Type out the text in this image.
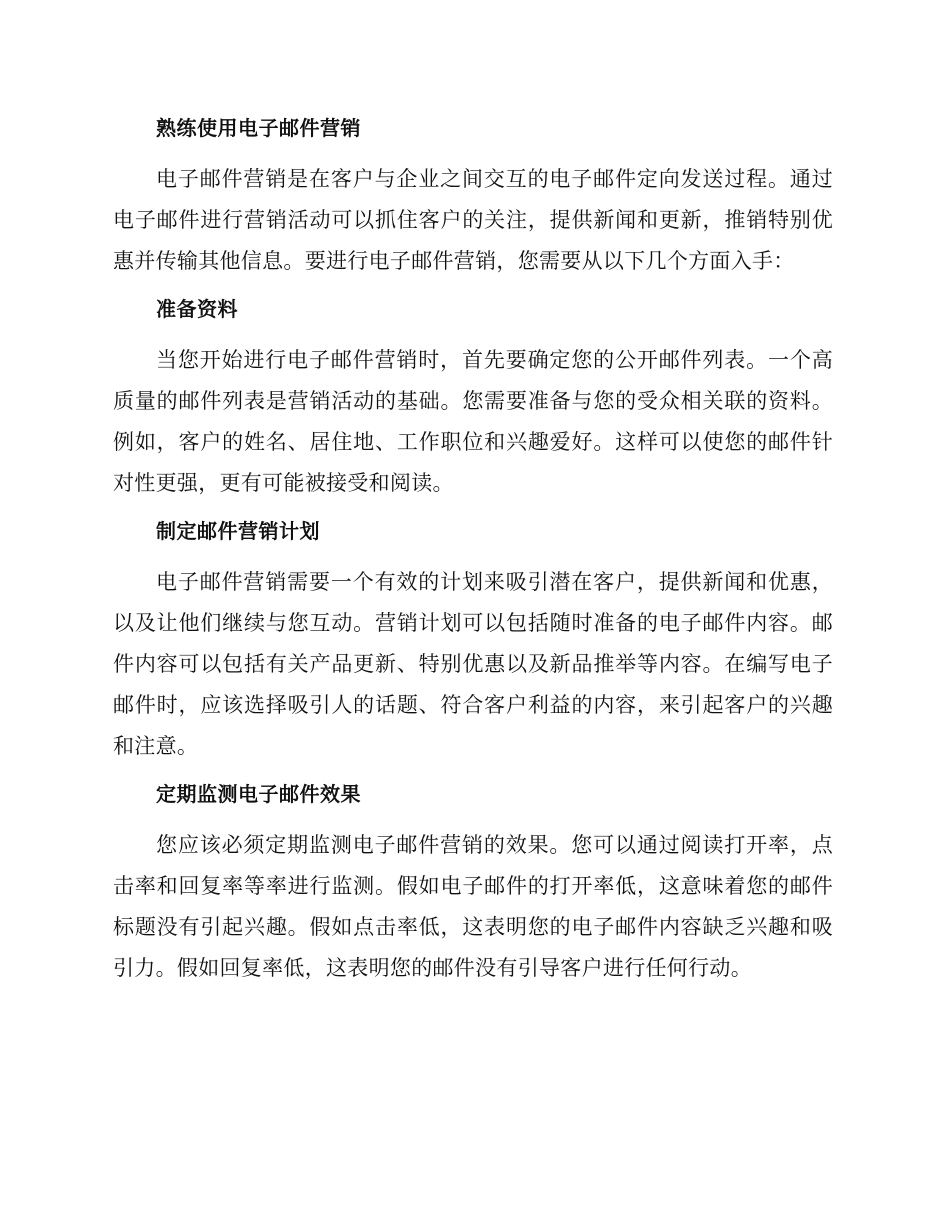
熟练使用电子邮件营销

电子邮件营销是在客户与企业之间交互的电子邮件定向发送过程。通过电子邮件进行营销活动可以抓住客户的关注，提供新闻和更新，推销特别优惠并传输其他信息。要进行电子邮件营销，您需要从以下几个方面入手：

准备资料

当您开始进行电子邮件营销时，首先要确定您的公开邮件列表。一个高质量的邮件列表是营销活动的基础。您需要准备与您的受众相关联的资料。例如，客户的姓名、居住地、工作职位和兴趣爱好。这样可以使您的邮件针对性更强，更有可能被接受和阅读。

制定邮件营销计划

电子邮件营销需要一个有效的计划来吸引潜在客户，提供新闻和优惠，以及让他们继续与您互动。营销计划可以包括随时准备的电子邮件内容。邮件内容可以包括有关产品更新、特别优惠以及新品推举等内容。在编写电子邮件时，应该选择吸引人的话题、符合客户利益的内容，来引起客户的兴趣和注意。

定期监测电子邮件效果

您应该必须定期监测电子邮件营销的效果。您可以通过阅读打开率，点击率和回复率等率进行监测。假如电子邮件的打开率低，这意味着您的邮件标题没有引起兴趣。假如点击率低，这表明您的电子邮件内容缺乏兴趣和吸引力。假如回复率低，这表明您的邮件没有引导客户进行任何行动。
